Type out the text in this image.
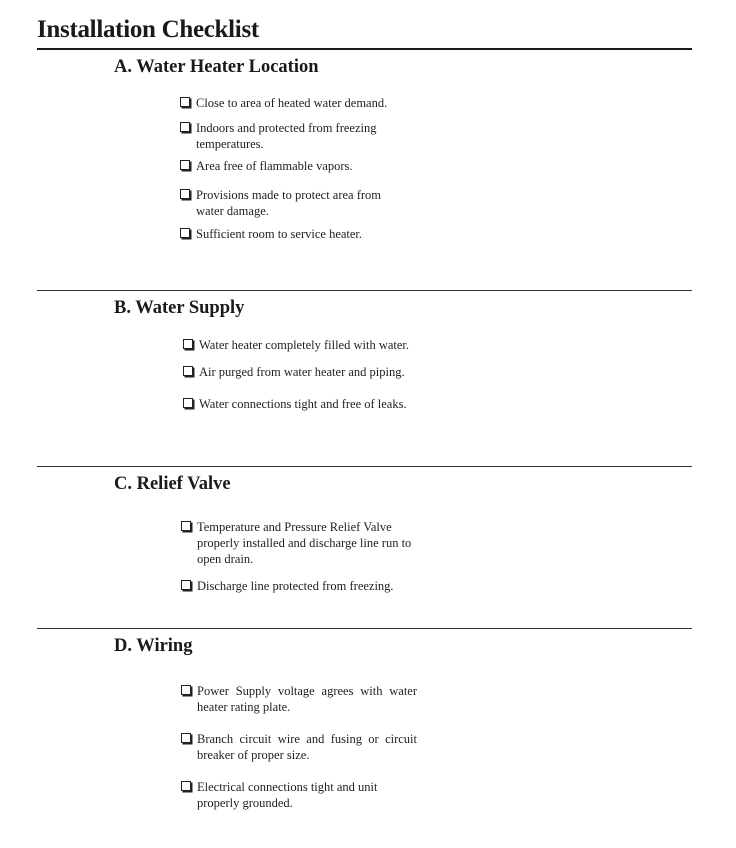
Installation Checklist
A. Water Heater Location
Close to area of heated water demand.
Indoors and protected from freezing temperatures.
Area free of flammable vapors.
Provisions made to protect area from water damage.
Sufficient room to service heater.
B. Water Supply
Water heater completely filled with water.
Air purged from water heater and piping.
Water connections tight and free of leaks.
C. Relief Valve
Temperature and Pressure Relief Valve properly installed and discharge line run to open drain.
Discharge line protected from freezing.
D. Wiring
Power Supply voltage agrees with water heater rating plate.
Branch circuit wire and fusing or circuit breaker of proper size.
Electrical connections tight and unit properly grounded.
